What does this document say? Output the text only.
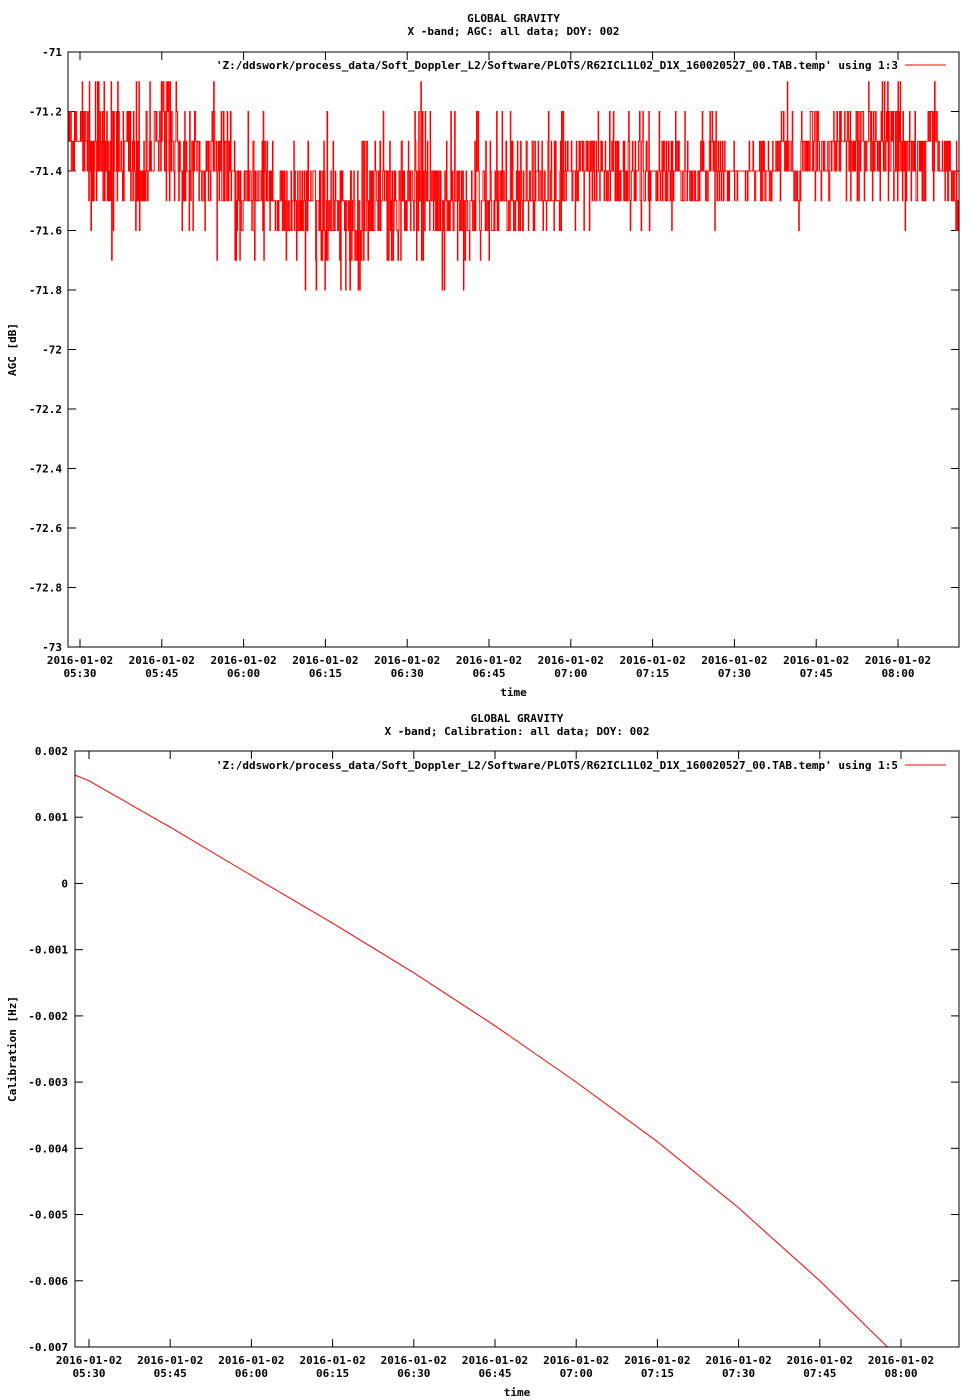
GLOBAL GRAVITY
X -band; AGC: all data; DOY: 002
-71
-71.2
-71.4
-71.6
-71.8
-72
-72.2
-72.4
-72.6
-72.8
-73
2016-01-02
05:30
2016-01-02
05:45
2016-01-02
06:00
2016-01-02
06:15
2016-01-02
06:30
2016-01-02
06:45
2016-01-02
07:00
2016-01-02
07:15
2016-01-02
07:30
2016-01-02
07:45
2016-01-02
08:00
time
AGC [dB]
'Z:/ddswork/process_data/Soft_Doppler_L2/Software/PLOTS/R62ICL1L02_D1X_160020527_00.TAB.temp' using 1:3
GLOBAL GRAVITY
X -band; Calibration: all data; DOY: 002
0.002
0.001
0
-0.001
-0.002
-0.003
-0.004
-0.005
-0.006
-0.007
2016-01-02
05:30
2016-01-02
05:45
2016-01-02
06:00
2016-01-02
06:15
2016-01-02
06:30
2016-01-02
06:45
2016-01-02
07:00
2016-01-02
07:15
2016-01-02
07:30
2016-01-02
07:45
2016-01-02
08:00
time
Calibration [Hz]
'Z:/ddswork/process_data/Soft_Doppler_L2/Software/PLOTS/R62ICL1L02_D1X_160020527_00.TAB.temp' using 1:5
